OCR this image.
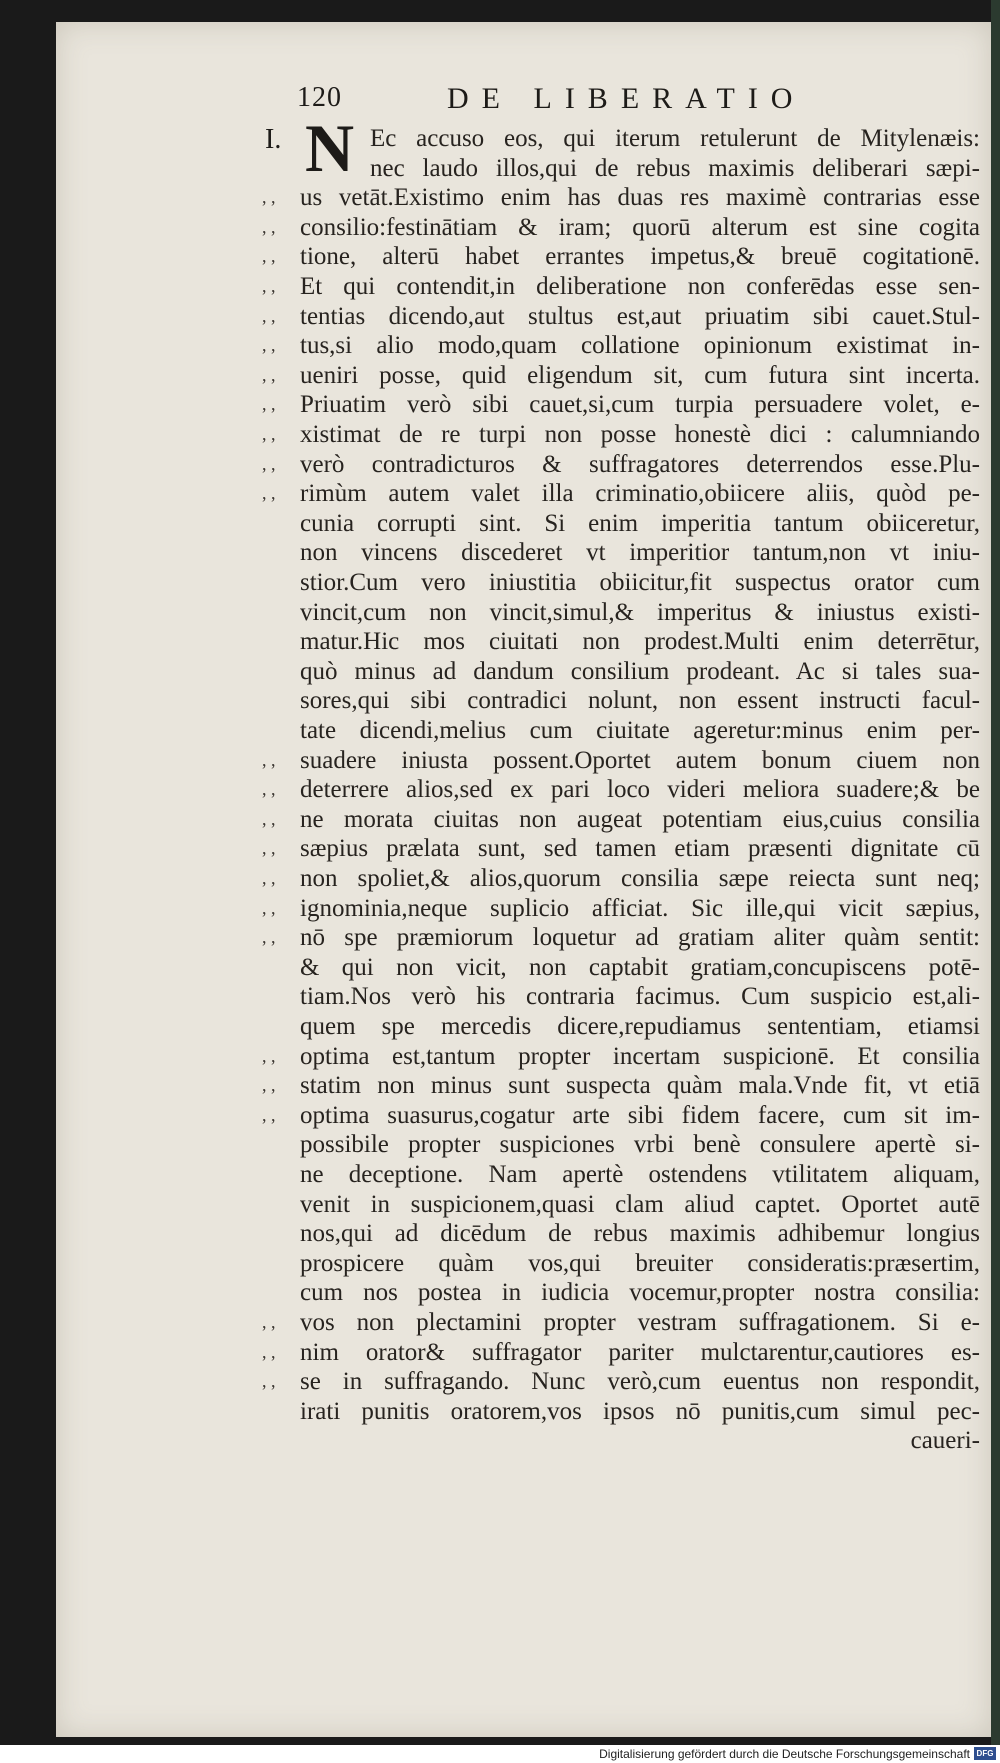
120	DE LIBERATIO
I. N Ec accuso eos, qui iterum retulerunt de Mitylenæis:
nec laudo illos,qui de rebus maximis deliberari sæpi-
us vetāt.Existimo enim has duas res maximè contrarias esse
consilio:festinātiam & iram; quorū alterum est sine cogita
tione, alterū habet errantes impetus,& breuē cogitationē.
Et qui contendit,in deliberatione non conferēdas esse sen-
tentias dicendo,aut stultus est,aut priuatim sibi cauet.Stul-
tus,si alio modo,quam collatione opinionum existimat in-
ueniri posse, quid eligendum sit, cum futura sint incerta.
Priuatim verò sibi cauet,si,cum turpia persuadere volet, e-
xistimat de re turpi non posse honestè dici : calumniando
verò contradicturos & suffragatores deterrendos esse.Plu-
rimùm autem valet illa criminatio,obiicere aliis, quòd pe-
cunia corrupti sint. Si enim imperitia tantum obiiceretur,
non vincens discederet vt imperitior tantum,non vt iniu-
stior.Cum vero iniustitia obiicitur,fit suspectus orator cum
vincit,cum non vincit,simul,& imperitus & iniustus existi-
matur.Hic mos ciuitati non prodest.Multi enim deterrētur,
quò minus ad dandum consilium prodeant. Ac si tales sua-
sores,qui sibi contradici nolunt, non essent instructi facul-
tate dicendi,melius cum ciuitate ageretur:minus enim per-
suadere iniusta possent.Oportet autem bonum ciuem non
deterrere alios,sed ex pari loco videri meliora suadere;& be
ne morata ciuitas non augeat potentiam eius,cuius consilia
sæpius prælata sunt, sed tamen etiam præsenti dignitate cū
non spoliet,& alios,quorum consilia sæpe reiecta sunt neq;
ignominia,neque suplicio afficiat. Sic ille,qui vicit sæpius,
nō spe præmiorum loquetur ad gratiam aliter quàm sentit:
& qui non vicit, non captabit gratiam,concupiscens potē-
tiam.Nos verò his contraria facimus. Cum suspicio est,ali-
quem spe mercedis dicere,repudiamus sententiam, etiamsi
optima est,tantum propter incertam suspicionē. Et consilia
statim non minus sunt suspecta quàm mala.Vnde fit, vt etiā
optima suasurus,cogatur arte sibi fidem facere, cum sit im-
possibile propter suspiciones vrbi benè consulere apertè si-
ne deceptione. Nam apertè ostendens vtilitatem aliquam,
venit in suspicionem,quasi clam aliud captet. Oportet autē
nos,qui ad dicēdum de rebus maximis adhibemur longius
prospicere quàm vos,qui breuiter consideratis:præsertim,
cum nos postea in iudicia vocemur,propter nostra consilia:
vos non plectamini propter vestram suffragationem. Si e-
nim orator& suffragator pariter mulctarentur,cautiores es-
se in suffragando. Nunc verò,cum euentus non respondit,
irati punitis oratorem,vos ipsos nō punitis,cum simul pec-
caueri-
, ,
, ,
, ,
, ,
, ,
, ,
, ,
, ,
, ,
, ,
, ,
, ,
, ,
, ,
, ,
, ,
, ,
, ,
, ,
, ,
, ,
, ,
, ,
, ,
Digitalisierung gefördert durch die Deutsche Forschungsgemeinschaft DFG
